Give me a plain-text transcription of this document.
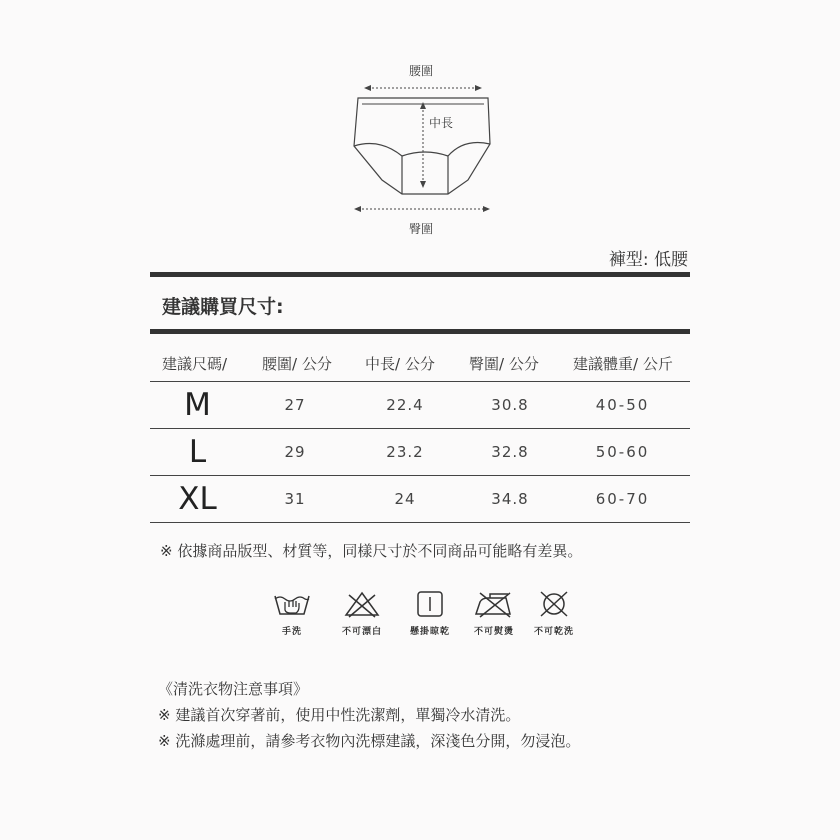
腰圍
中長
臀圍
褲型: 低腰
建議購買尺寸:
建議尺碼/	腰圍/ 公分	中長/ 公分	臀圍/ 公分	建議體重/ 公斤
M	27	22.4	30.8	40-50
L	29	23.2	32.8	50-60
XL	31	24	34.8	60-70
※ 依據商品版型、材質等，同樣尺寸於不同商品可能略有差異。
手洗	不可漂白	懸掛晾乾	不可熨燙	不可乾洗
《清洗衣物注意事項》
※ 建議首次穿著前，使用中性洗潔劑，單獨冷水清洗。
※ 洗滌處理前，請參考衣物內洗標建議，深淺色分開，勿浸泡。
